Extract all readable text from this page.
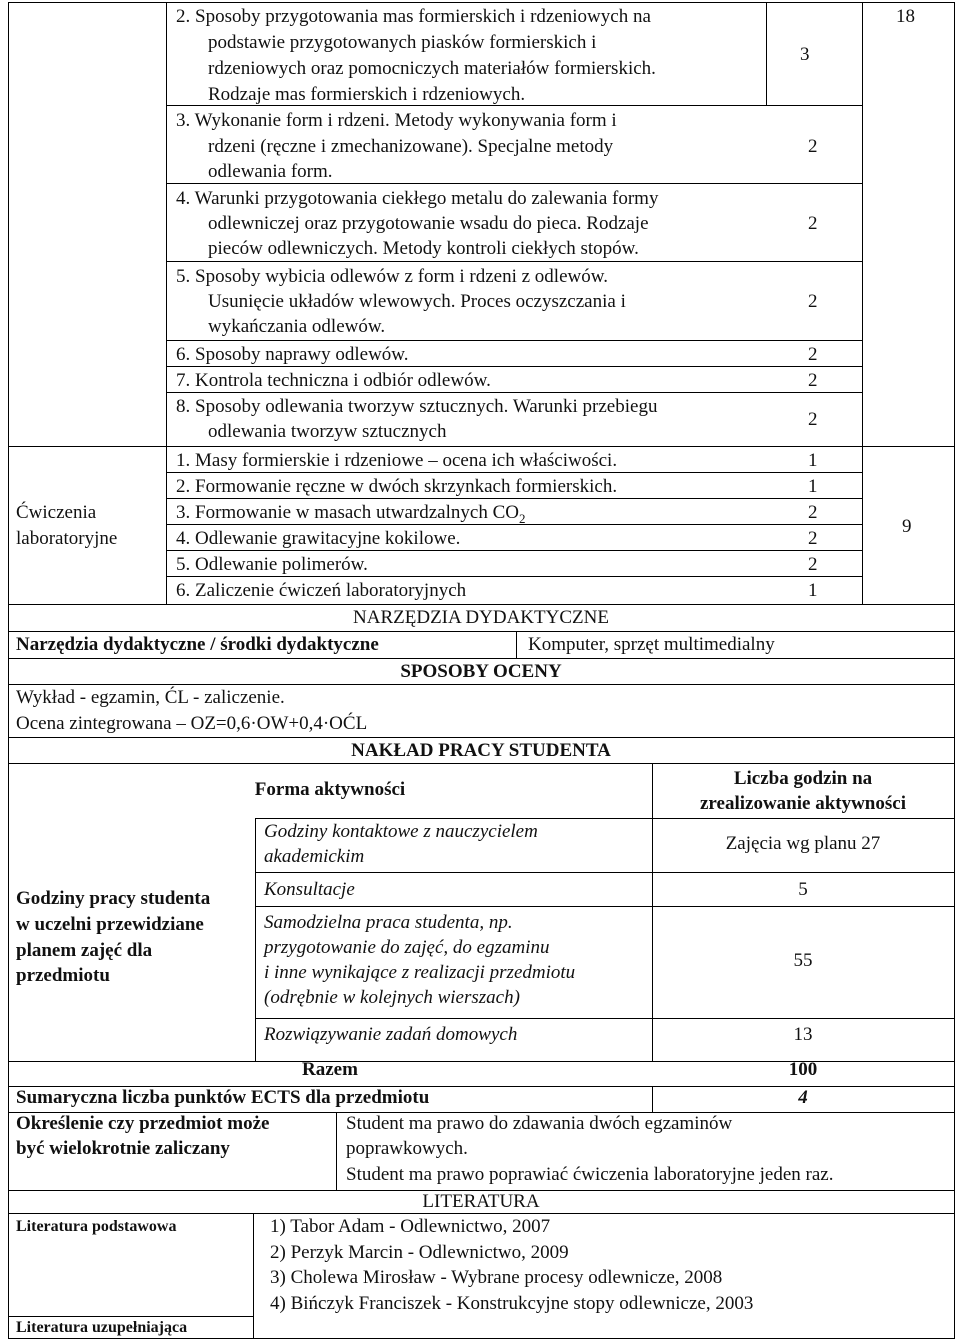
2. Sposoby przygotowania mas formierskich i rdzeniowych na
podstawie przygotowanych piasków formierskich i
rdzeniowych oraz pomocniczych materiałów formierskich.
Rodzaje mas formierskich i rdzeniowych.
3
3. Wykonanie form i rdzeni. Metody wykonywania form i
rdzeni (ręczne i zmechanizowane). Specjalne metody
odlewania form.
2
4. Warunki przygotowania ciekłego metalu do zalewania formy
odlewniczej oraz przygotowanie wsadu do pieca. Rodzaje
pieców odlewniczych. Metody kontroli ciekłych stopów.
2
5. Sposoby wybicia odlewów z form i rdzeni z odlewów.
Usunięcie układów wlewowych. Proces oczyszczania i
wykańczania odlewów.
2
6. Sposoby naprawy odlewów.	2
7. Kontrola techniczna i odbiór odlewów.	2
8. Sposoby odlewania tworzyw sztucznych. Warunki przebiegu
odlewania tworzyw sztucznych
2
18
Ćwiczenia
laboratoryjne
1. Masy formierskie i rdzeniowe – ocena ich właściwości.	1
2. Formowanie ręczne w dwóch skrzynkach formierskich.	1
3. Formowanie w masach utwardzalnych $CO_2$	2
4. Odlewanie grawitacyjne kokilowe.	2
5. Odlewanie polimerów.	2
6. Zaliczenie ćwiczeń laboratoryjnych	1
9
NARZĘDZIA DYDAKTYCZNE
Narzędzia dydaktyczne / środki dydaktyczne	Komputer, sprzęt multimedialny
SPOSOBY OCENY
Wykład - egzamin, ĆL - zaliczenie.
Ocena zintegrowana – OZ=0,6·OW+0,4·OĆL
NAKŁAD PRACY STUDENTA
Forma aktywności
Liczba godzin na
zrealizowanie aktywności
Godziny pracy studenta
w uczelni przewidziane
planem zajęć dla
przedmiotu
Godziny kontaktowe z nauczycielem
akademickim
Zajęcia wg planu 27
Konsultacje	5
Samodzielna praca studenta, np.
przygotowanie do zajęć, do egzaminu
i inne wynikające z realizacji przedmiotu
(odrębnie w kolejnych wierszach)
55
Rozwiązywanie zadań domowych	13
Razem	100
Sumaryczna liczba punktów ECTS dla przedmiotu	4
Określenie czy przedmiot może
być wielokrotnie zaliczany
Student ma prawo do zdawania dwóch egzaminów
poprawkowych.
Student ma prawo poprawiać ćwiczenia laboratoryjne jeden raz.
LITERATURA
Literatura podstawowa	1) Tabor Adam - Odlewnictwo, 2007
2) Perzyk Marcin - Odlewnictwo, 2009
3) Cholewa Mirosław - Wybrane procesy odlewnicze, 2008
4) Bińczyk Franciszek - Konstrukcyjne stopy odlewnicze, 2003
Literatura uzupełniająca
